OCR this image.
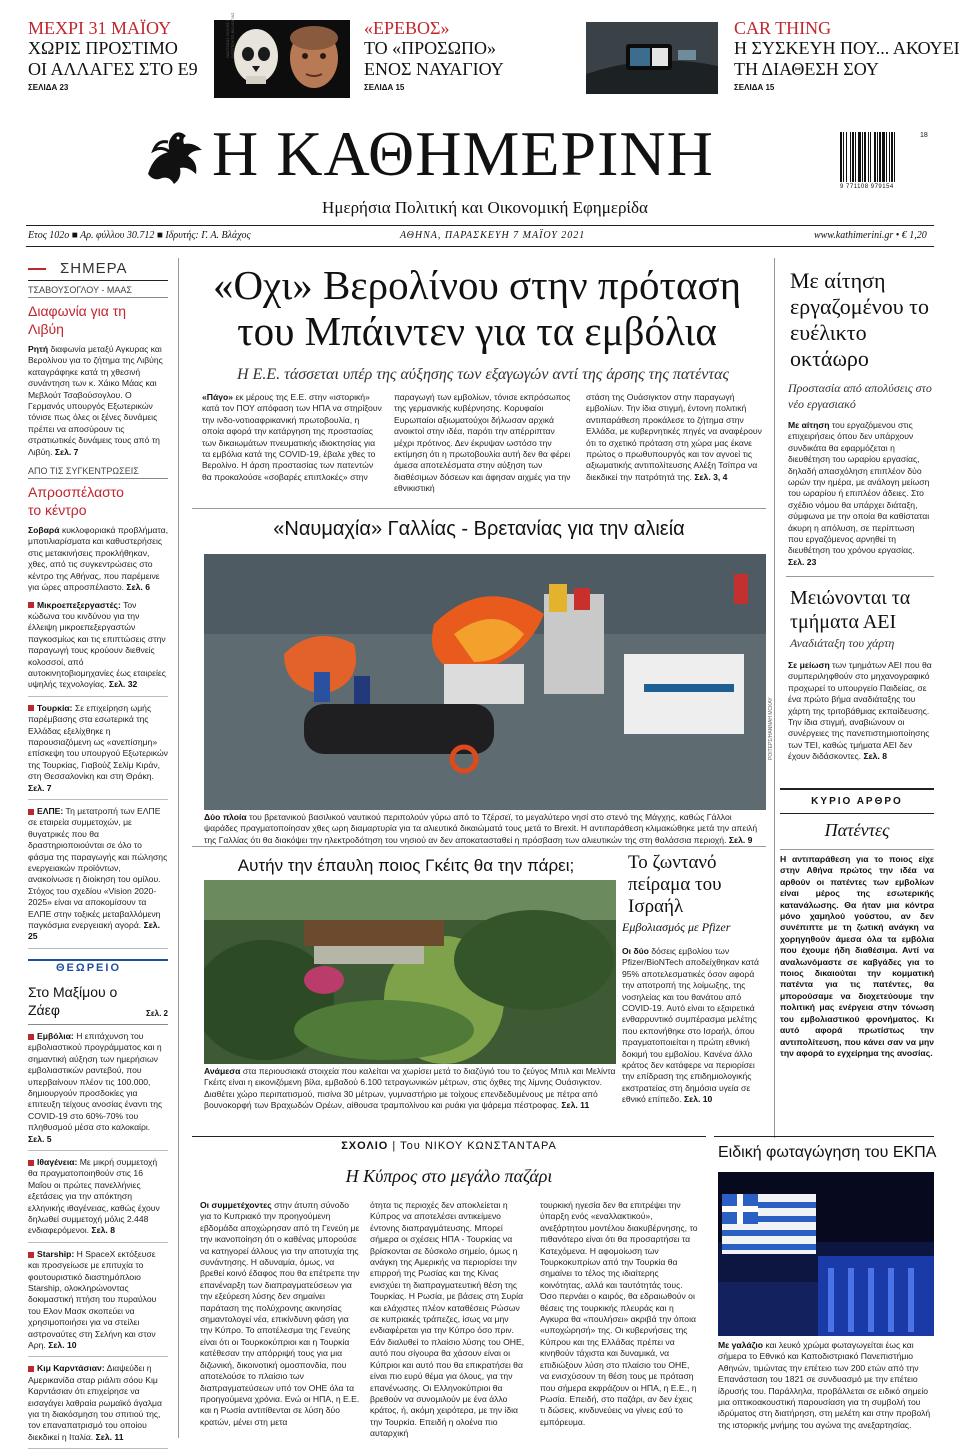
ΜΕΧΡΙ 31 ΜΑΪΟΥ
ΧΩΡΙΣ ΠΡΟΣΤΙΜΟ
ΟΙ ΑΛΛΑΓΕΣ ΣΤΟ Ε9
ΣΕΛΙΔΑ 23
ΟΔΥΣΣΕΑΣ ΓΚΙΛΗΣ / ΙΝΣΤΙΤΟΥΤΟ ΒΙΟΛΟΓΙΑΣ	«ΕΡΕΒΟΣ»
ΤΟ «ΠΡΟΣΩΠΟ»
ΕΝΟΣ ΝΑΥΑΓΙΟΥ
ΣΕΛΙΔΑ 15
CAR THING
Η ΣΥΣΚΕΥΗ ΠΟΥ... ΑΚΟΥΕΙ
ΤΗ ΔΙΑΘΕΣΗ ΣΟΥ
ΣΕΛΙΔΑ 15
Η ΚΑΘΗΜΕΡΙΝΗ
Ημερήσια Πολιτική και Οικονομική Εφημερίδα
9 771108 979154
18
Ετος 102ο ■ Αρ. φύλλου 30.712 ■ Ιδρυτής: Γ. Α. Βλάχος	ΑΘΗΝΑ, ΠΑΡΑΣΚΕΥΗ 7 ΜΑΪΟΥ 2021	www.kathimerini.gr • € 1,20
ΣΗΜΕΡΑ
ΤΣΑΒΟΥΣΟΓΛΟΥ - ΜΑΑΣ
Διαφωνία για τη Λιβύη

Ρητή διαφωνία μεταξύ Αγκυρας και Βερολίνου για το ζήτημα της Λιβύης καταγράφηκε κατά τη χθεσινή συνάντηση των κ. Χάικο Μάας και Μεβλούτ Τσαβούσογλου. Ο Γερμανός υπουργός Εξωτερικών τόνισε πως όλες οι ξένες δυνάμεις πρέπει να αποσύρουν τις στρατιωτικές δυνάμεις τους από τη Λιβύη. Σελ. 7

ΑΠΟ ΤΙΣ ΣΥΓΚΕΝΤΡΩΣΕΙΣ
Απροσπέλαστο το κέντρο

Σοβαρά κυκλοφοριακά προβλήματα, μποτιλιαρίσματα και καθυστερήσεις στις μετακινήσεις προκλήθηκαν, χθες, από τις συγκεντρώσεις στο κέντρο της Αθήνας, που παρέμεινε για ώρες απροσπέλαστο. Σελ. 6

Μικροεπεξεργαστές: Τον κώδωνα του κινδύνου για την έλλειψη μικροεπεξεργαστών παγκοσμίως και τις επιπτώσεις στην παραγωγή τους κρούουν διεθνείς κολοσσοί, από αυτοκινητοβιομηχανίες έως εταιρείες υψηλής τεχνολογίας. Σελ. 32

Τουρκία: Σε επιχείρηση ωμής παρέμβασης στα εσωτερικά της Ελλάδας εξελίχθηκε η παρουσιαζόμενη ως «ανεπίσημη» επίσκεψη του υπουργού Εξωτερικών της Τουρκίας, Γιαβούζ Σελίμ Κιράν, στη Θεσσαλονίκη και στη Θράκη. Σελ. 7

ΕΛΠΕ: Τη μετατροπή των ΕΛΠΕ σε εταιρεία συμμετοχών, με θυγατρικές που θα δραστηριοποιούνται σε όλο το φάσμα της παραγωγής και πώλησης ενεργειακών προϊόντων, ανακοίνωσε η διοίκηση του ομίλου. Στόχος του σχεδίου «Vision 2020-2025» είναι να αποκομίσουν τα ΕΛΠΕ στην τοξικές μεταβαλλόμενη παγκόσμια ενεργειακή αγορά. Σελ. 25

ΘΕΩΡΕΙΟ
Στο Μαξίμου ο Ζάεφ	Σελ. 2

Εμβόλια: Η επιτάχυνση του εμβολιαστικού προγράμματος και η σημαντική αύξηση των ημερήσιων εμβολιαστικών ραντεβού, που υπερβαίνουν πλέον τις 100.000, δημιουργούν προσδοκίες για επιτευξη τείχους ανοσίας έναντι της COVID-19 στο 60%-70% του πληθυσμού μέσα στο καλοκαίρι. Σελ. 5

Ιθαγένεια: Με μικρή συμμετοχή θα πραγματοποιηθούν στις 16 Μαΐου οι πρώτες πανελλήνιες εξετάσεις για την απόκτηση ελληνικής ιθαγένειας, καθώς έχουν δηλωθεί συμμετοχή μόλις 2.448 ενδιαφερόμενοι. Σελ. 8

Starship: Η SpaceX εκτόξευσε και προσγείωσε με επιτυχία το φουτουριστικό διαστημόπλοιο Starship, ολοκληρώνοντας δοκιμαστική πτήση του πυραύλου του Ελον Μασκ σκοπεύει να χρησιμοποιήσει για να στείλει αστροναύτες στη Σελήνη και στον Αρη. Σελ. 10

Κιμ Καρντάσιαν: Διαψεύδει η Αμερικανίδα σταρ ριάλιτι σόου Κιμ Καρντάσιαν ότι επιχείρησε να εισαγάγει λαθραία ρωμαϊκό άγαλμα για τη διακόσμηση του σπιτιού της, τον επαναπατρισμό του οποίου διεκδικεί η Ιταλία. Σελ. 11

«Οχι» Βερολίνου στην πρόταση
του Μπάιντεν για τα εμβόλια
Η Ε.Ε. τάσσεται υπέρ της αύξησης των εξαγωγών αντί της άρσης της πατέντας

«Πάγο» εκ μέρους της Ε.Ε. στην «ιστορική» κατά τον ΠΟΥ απόφαση των ΗΠΑ να στηρίξουν την ινδο-νοτιοαφρικανική πρωτοβουλία, η οποία αφορά την κατάργηση της προστασίας των δικαιωμάτων πνευματικής ιδιοκτησίας για τα εμβόλια κατά της COVID-19, έβαλε χθες το Βερολίνο. Η άρση προστασίας των πατεντών θα προκαλούσε «σοβαρές επιπλοκές» στην

παραγωγή των εμβολίων, τόνισε εκπρόσωπος της γερμανικής κυβέρνησης. Κορυφαίοι Ευρωπαίοι αξιωματούχοι δήλωσαν αρχικά ανοικτοί στην ιδέα, παρότι την απέρριπταν μέχρι πρότινος. Δεν έκρυψαν ωστόσο την εκτίμηση ότι η πρωτοβουλία αυτή δεν θα φέρει άμεσα αποτελέσματα στην αύξηση των διαθέσιμων δόσεων και άφησαν αιχμές για την εθνικιστική

στάση της Ουάσιγκτον στην παραγωγή εμβολίων. Την ίδια στιγμή, έντονη πολιτική αντιπαράθεση προκάλεσε το ζήτημα στην Ελλάδα, με κυβερνητικές πηγές να αναφέρουν ότι το σχετικό πρόταση στη χώρα μας έκανε πρώτος ο πρωθυπουργός και τον αγνοεί τις αξιωματικής αντιπολίτευσης Αλέξη Τσίπρα να διεκδικεί την πατρότητά της. Σελ. 3, 4

«Ναυμαχία» Γαλλίας - Βρετανίας για την αλιεία
ΡΟΙΤΕΡΣ/ΗΑΝΝΑΗ ΜCKAY

Δύο πλοία του βρετανικού βασιλικού ναυτικού περιπολούν γύρω από το Τζέρσεϊ, το μεγαλύτερο νησί στο στενό της Μάγχης, καθώς Γάλλοι ψαράδες πραγματοποίησαν χθες ωρη διαμαρτυρία για τα αλιευτικά δικαιώματά τους μετά το Brexit. Η αντιπαράθεση κλιμακώθηκε μετά την απειλή της Γαλλίας ότι θα διακόψει την ηλεκτροδότηση του νησιού αν δεν αποκατασταθεί η πρόσβαση των αλιευτικών της στη θαλάσσια περιοχή. Σελ. 9

Αυτήν την έπαυλη ποιος Γκέιτς θα την πάρει;

Ανάμεσα στα περιουσιακά στοιχεία που καλείται να χωρίσει μετά το διαζύγιό του το ζεύγος Μπιλ και Μελίντα Γκέιτς είναι η εικονιζόμενη βίλα, εμβαδού 6.100 τετραγωνικών μέτρων, στις όχθες της λίμνης Ουάσιγκτον. Διαθέτει χώρο περιπατισμού, πισίνα 30 μέτρων, γυμναστήριο με τοίχους επενδεδυμένους με πέτρα από βουνοκορφή των Βραχωδών Ορέων, αίθουσα τραμπολίνου και ρυάκι για ψάρεμα πέστροφας. Σελ. 11

Το ζωντανό πείραμα του Ισραήλ
Εμβολιασμός με Pfizer

Οι δύο δόσεις εμβολίου των Pfizer/BioNTech αποδείχθηκαν κατά 95% αποτελεσματικές όσον αφορά την αποτροπή της λοίμωξης, της νοσηλείας και του θανάτου από COVID-19. Αυτό είναι το εξαιρετικά ενθαρρυντικό συμπέρασμα μελέτης που εκπονήθηκε στο Ισραήλ, όπου πραγματοποιείται η πρώτη εθνική δοκιμή του εμβολίου. Κανένα άλλο κράτος δεν κατάφερε να περιορίσει την επίδραση της επιδημιολογικής εκστρατείας στη δημόσια υγεία σε εθνικό επίπεδο. Σελ. 10

Με αίτηση εργαζομένου το ευέλικτο οκτάωρο
Προστασία από απολύσεις στο νέο εργασιακό

Με αίτηση του εργαζόμενου στις επιχειρήσεις όπου δεν υπάρχουν συνδικάτα θα εφαρμόζεται η διευθέτηση του ωραρίου εργασίας, δηλαδή απασχόληση επιπλέον δύο ωρών την ημέρα, με ανάλογη μείωση του ωραρίου ή επιπλέον άδειες. Στο σχέδιο νόμου θα υπάρχει διάταξη, σύμφωνα με την οποία θα καθίσταται άκυρη η απόλυση, σε περίπτωση που εργαζόμενος αρνηθεί τη διευθέτηση του χρόνου εργασίας. Σελ. 23

Μειώνονται τα τμήματα ΑΕΙ
Αναδιάταξη του χάρτη

Σε μείωση των τμημάτων ΑΕΙ που θα συμπεριληφθούν στο μηχανογραφικό προχωρεί το υπουργείο Παιδείας, σε ένα πρώτο βήμα αναδιάταξης του χάρτη της τριτοβάθμιας εκπαίδευσης. Την ίδια στιγμή, αναβιώνουν οι συνέργειες της πανεπιστημιοποίησης των ΤΕΙ, καθώς τμήματα ΑΕΙ δεν έχουν διδάσκοντες. Σελ. 8

ΚΥΡΙΟ ΑΡΘΡΟ
Πατέντες

Η αντιπαράθεση για το ποιος είχε στην Αθήνα πρώτος την ιδέα να αρθούν οι πατέντες των εμβολίων είναι μέρος της εσωτερικής κατανάλωσης. Θα ήταν μια κόντρα μόνο χαμηλού γούστου, αν δεν συνέπιπτε με τη ζωτική ανάγκη να χορηγηθούν άμεσα όλα τα εμβόλια που έχουμε ήδη διαθέσιμα. Αντί να αναλωνόμαστε σε καβγάδες για το ποιος δικαιούται την κομματική πατέντα για τις πατέντες, θα μπορούσαμε να διοχετεύουμε την πολιτική μας ενέργεια στην τόνωση του εμβολιαστικού φρονήματος. Κι αυτό αφορά πρωτίστως την αντιπολίτευση, που κάνει σαν να μην την αφορά το εγχείρημα της ανοσίας.

ΣΧΟΛΙΟ | Του ΝΙΚΟΥ ΚΩΝΣΤΑΝΤΑΡΑ
Η Κύπρος στο μεγάλο παζάρι

Οι συμμετέχοντες στην άτυπη σύνοδο για το Κυπριακό την προηγούμενη εβδομάδα αποχώρησαν από τη Γενεύη με την ικανοποίηση ότι ο καθένας μπορούσε να κατηγορεί άλλους για την αποτυχία της συνάντησης. Η αδυναμία, όμως, να βρεθεί κοινό έδαφος που θα επέτρεπε την επανέναρξη των διαπραγματεύσεων για την εξεύρεση λύσης δεν σημαίνει παράταση της πολύχρονης ακινησίας σημαντολογεί νέα, επικίνδυνη φάση για την Κύπρο. Το αποτέλεσμα της Γενεύης είναι ότι οι Τουρκοκύπριοι και η Τουρκία κατέθεσαν την απόρριψή τους για μια διζωνική, δικοινοτική ομοσπονδία, που αποτελούσε το πλαίσιο των διαπραγματεύσεων υπό τον ΟΗΕ όλα τα προηγούμενα χρόνια. Ενώ οι ΗΠΑ, η Ε.Ε. και η Ρωσία αντιτίθενται σε λύση δύο κρατών, μένει στη μετα

ότητα τις περιοχές δεν αποκλείεται η Κύπρος να αποτελέσει αντικείμενο έντονης διαπραγμάτευσης. Μπορεί σήμερα οι σχέσεις ΗΠΑ - Τουρκίας να βρίσκονται σε δύσκολο σημείο, όμως η ανάγκη της Αμερικής να περιορίσει την επιρροή της Ρωσίας και της Κίνας ενισχύει τη διαπραγματευτική θέση της Τουρκίας. Η Ρωσία, με βάσεις στη Συρία και ελάχιστες πλέον καταθέσεις Ρώσων σε κυπριακές τράπεζες, ίσως να μην ενδιαφέρεται για την Κύπρο όσο πριν. Εάν διαλυθεί το πλαίσιο λύσης του ΟΗΕ, αυτό που σίγουρα θα χάσουν είναι οι Κύπριοι και αυτό που θα επικρατήσει θα είναι πιο ευρύ θέμα για όλους, για την επανένωσης. Οι Ελληνοκύπριοι θα βρεθούν να συνομιλούν με ένα άλλο κράτος, ή, ακόμη χειρότερα, με την ίδια την Τουρκία. Επειδή η ολοένα πιο αυταρχική

τουρκική ηγεσία δεν θα επιτρέψει την ύπαρξη ενός «εναλλακτικού», ανεξάρτητου μοντέλου διακυβέρνησης, το πιθανότερο είναι ότι θα προσαρτήσει τα Κατεχόμενα. Η αφομοίωση των Τουρκοκυπρίων από την Τουρκία θα σημαίνει το τέλος της ιδιαίτερης κοινότητας, αλλά και ταυτότητάς τους. Όσο περνάει ο καιρός, θα εδραιωθούν οι θέσεις της τουρκικής πλευράς και η Αγκυρα θα «πουλήσει» ακριβά την όποια «υποχώρησή» της. Οι κυβερνήσεις της Κύπρου και της Ελλάδας πρέπει να κινηθούν τάχιστα και δυναμικά, να επιδιώξουν λύση στο πλαίσιο του ΟΗΕ, να ενισχύσουν τη θέση τους με πρόταση που σήμερα εκφράζουν οι ΗΠΑ, η Ε.Ε., η Ρωσία. Επειδή, στο παζάρι, αν δεν έχεις τι δώσεις, κινδυνεύεις να γίνεις εσύ το εμπόρευμα.

Ειδική φωταγώγηση του ΕΚΠΑ

Με γαλάζιο και λευκό χρώμα φωταγωγείται έως και σήμερα το Εθνικό και Καποδιστριακό Πανεπιστήμιο Αθηνών, τιμώντας την επέτειο των 200 ετών από την Επανάσταση του 1821 σε συνδυασμό με την επέτειο ίδρυσής του. Παράλληλα, προβάλλεται σε ειδικό σημείο μια οπτικοακουστική παρουσίαση για τη συμβολή του ιδρύματος στη διατήρηση, στη μελέτη και στην προβολή της ιστορικής μνήμης του αγώνα της ανεξαρτησίας.
